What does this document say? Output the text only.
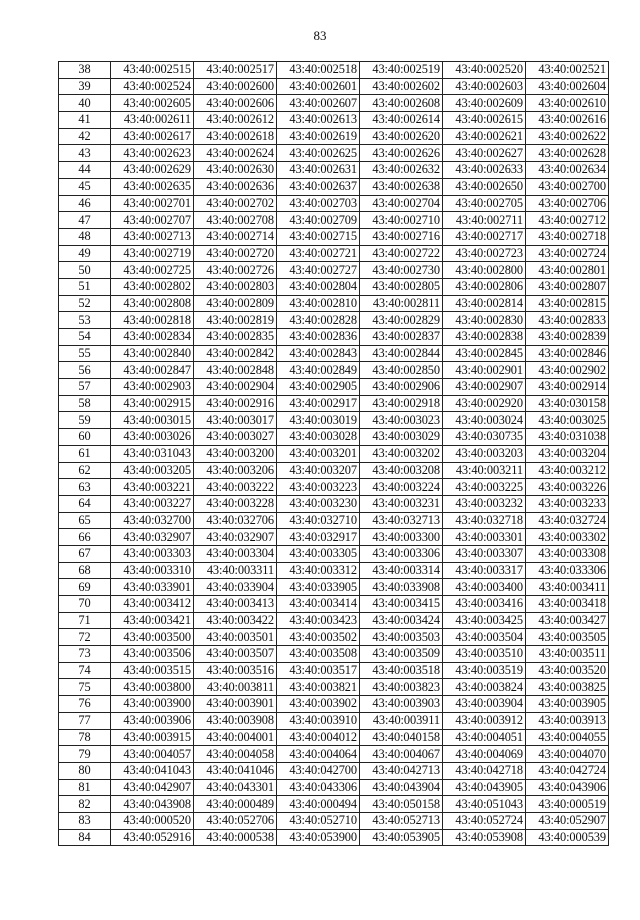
83
38	43:40:002515	43:40:002517	43:40:002518	43:40:002519	43:40:002520	43:40:002521
39	43:40:002524	43:40:002600	43:40:002601	43:40:002602	43:40:002603	43:40:002604
40	43:40:002605	43:40:002606	43:40:002607	43:40:002608	43:40:002609	43:40:002610
41	43:40:002611	43:40:002612	43:40:002613	43:40:002614	43:40:002615	43:40:002616
42	43:40:002617	43:40:002618	43:40:002619	43:40:002620	43:40:002621	43:40:002622
43	43:40:002623	43:40:002624	43:40:002625	43:40:002626	43:40:002627	43:40:002628
44	43:40:002629	43:40:002630	43:40:002631	43:40:002632	43:40:002633	43:40:002634
45	43:40:002635	43:40:002636	43:40:002637	43:40:002638	43:40:002650	43:40:002700
46	43:40:002701	43:40:002702	43:40:002703	43:40:002704	43:40:002705	43:40:002706
47	43:40:002707	43:40:002708	43:40:002709	43:40:002710	43:40:002711	43:40:002712
48	43:40:002713	43:40:002714	43:40:002715	43:40:002716	43:40:002717	43:40:002718
49	43:40:002719	43:40:002720	43:40:002721	43:40:002722	43:40:002723	43:40:002724
50	43:40:002725	43:40:002726	43:40:002727	43:40:002730	43:40:002800	43:40:002801
51	43:40:002802	43:40:002803	43:40:002804	43:40:002805	43:40:002806	43:40:002807
52	43:40:002808	43:40:002809	43:40:002810	43:40:002811	43:40:002814	43:40:002815
53	43:40:002818	43:40:002819	43:40:002828	43:40:002829	43:40:002830	43:40:002833
54	43:40:002834	43:40:002835	43:40:002836	43:40:002837	43:40:002838	43:40:002839
55	43:40:002840	43:40:002842	43:40:002843	43:40:002844	43:40:002845	43:40:002846
56	43:40:002847	43:40:002848	43:40:002849	43:40:002850	43:40:002901	43:40:002902
57	43:40:002903	43:40:002904	43:40:002905	43:40:002906	43:40:002907	43:40:002914
58	43:40:002915	43:40:002916	43:40:002917	43:40:002918	43:40:002920	43:40:030158
59	43:40:003015	43:40:003017	43:40:003019	43:40:003023	43:40:003024	43:40:003025
60	43:40:003026	43:40:003027	43:40:003028	43:40:003029	43:40:030735	43:40:031038
61	43:40:031043	43:40:003200	43:40:003201	43:40:003202	43:40:003203	43:40:003204
62	43:40:003205	43:40:003206	43:40:003207	43:40:003208	43:40:003211	43:40:003212
63	43:40:003221	43:40:003222	43:40:003223	43:40:003224	43:40:003225	43:40:003226
64	43:40:003227	43:40:003228	43:40:003230	43:40:003231	43:40:003232	43:40:003233
65	43:40:032700	43:40:032706	43:40:032710	43:40:032713	43:40:032718	43:40:032724
66	43:40:032907	43:40:032907	43:40:032917	43:40:003300	43:40:003301	43:40:003302
67	43:40:003303	43:40:003304	43:40:003305	43:40:003306	43:40:003307	43:40:003308
68	43:40:003310	43:40:003311	43:40:003312	43:40:003314	43:40:003317	43:40:033306
69	43:40:033901	43:40:033904	43:40:033905	43:40:033908	43:40:003400	43:40:003411
70	43:40:003412	43:40:003413	43:40:003414	43:40:003415	43:40:003416	43:40:003418
71	43:40:003421	43:40:003422	43:40:003423	43:40:003424	43:40:003425	43:40:003427
72	43:40:003500	43:40:003501	43:40:003502	43:40:003503	43:40:003504	43:40:003505
73	43:40:003506	43:40:003507	43:40:003508	43:40:003509	43:40:003510	43:40:003511
74	43:40:003515	43:40:003516	43:40:003517	43:40:003518	43:40:003519	43:40:003520
75	43:40:003800	43:40:003811	43:40:003821	43:40:003823	43:40:003824	43:40:003825
76	43:40:003900	43:40:003901	43:40:003902	43:40:003903	43:40:003904	43:40:003905
77	43:40:003906	43:40:003908	43:40:003910	43:40:003911	43:40:003912	43:40:003913
78	43:40:003915	43:40:004001	43:40:004012	43:40:040158	43:40:004051	43:40:004055
79	43:40:004057	43:40:004058	43:40:004064	43:40:004067	43:40:004069	43:40:004070
80	43:40:041043	43:40:041046	43:40:042700	43:40:042713	43:40:042718	43:40:042724
81	43:40:042907	43:40:043301	43:40:043306	43:40:043904	43:40:043905	43:40:043906
82	43:40:043908	43:40:000489	43:40:000494	43:40:050158	43:40:051043	43:40:000519
83	43:40:000520	43:40:052706	43:40:052710	43:40:052713	43:40:052724	43:40:052907
84	43:40:052916	43:40:000538	43:40:053900	43:40:053905	43:40:053908	43:40:000539
